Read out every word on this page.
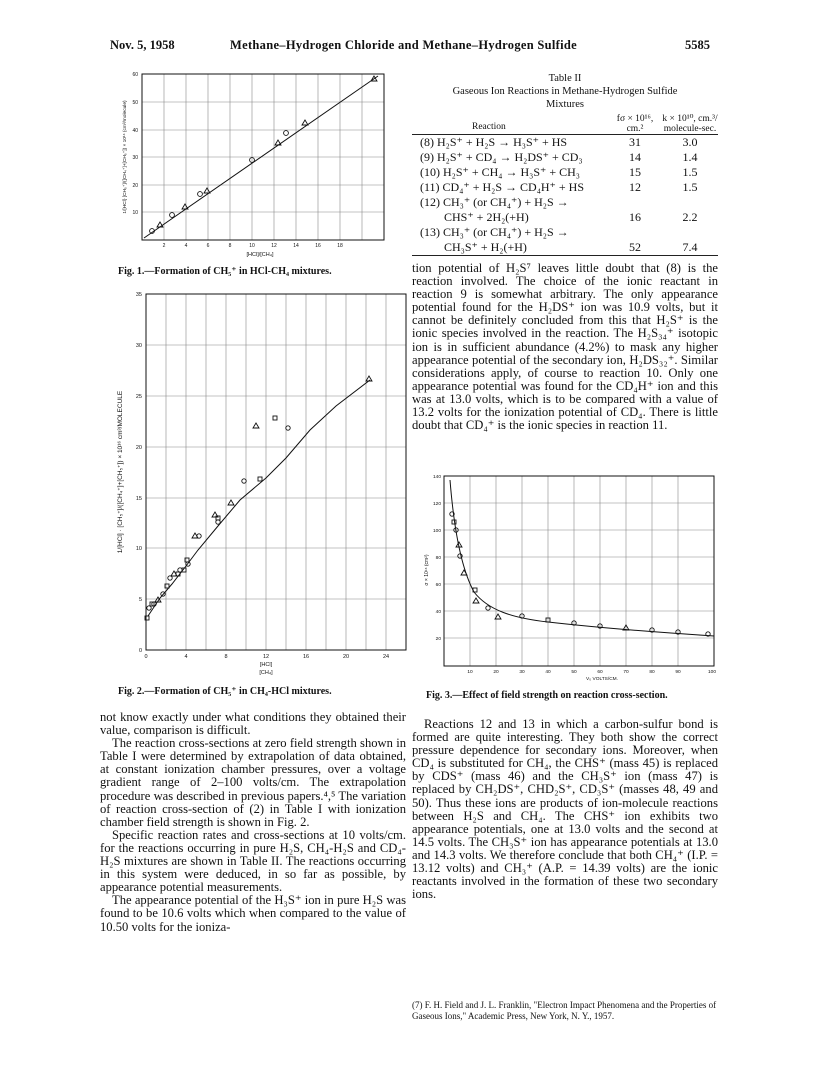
Nov. 5, 1958	Methane–Hydrogen Chloride and Methane–Hydrogen Sulfide	5585
60
50
40
30
20
10
2	4	6	8	10	12	14	16	18
[HCl]/[CH₄]
1/[HCl]·[CH₅⁺]/([CH₄⁺]+[CH₅⁺]) × 10¹⁶ (cm³/molecule)
Fig. 1.—Formation of CH₅⁺ in HCl-CH₄ mixtures.
35
30
25
20
15
10
5
0
0	4	8	12	16	20	24
[HCl]
[CH₄]
1/[HCl] · [CH₅⁺]/([CH₄⁺]+[CH₅⁺]) × 10¹⁶ cm³/MOLECULE
Fig. 2.—Formation of CH₅⁺ in CH₄-HCl mixtures.
Table II
Gaseous Ion Reactions in Methane-Hydrogen Sulfide
Mixtures
Reaction
fσ × 10¹⁶, cm.²
k × 10¹⁰, cm.³/ molecule-sec.
(8) H₂S⁺ + H₂S → H₃S⁺ + HS	31	3.0
(9) H₂S⁺ + CD₄ → H₂DS⁺ + CD₃	14	1.4
(10) H₂S⁺ + CH₄ → H₃S⁺ + CH₃	15	1.5
(11) CD₄⁺ + H₂S → CD₄H⁺ + HS	12	1.5
(12) CH₃⁺ (or CH₄⁺) + H₂S →
CHS⁺ + 2H₂(+H)	16	2.2
(13) CH₃⁺ (or CH₄⁺) + H₂S →
CH₃S⁺ + H₂(+H)	52	7.4

tion potential of H₂S⁷ leaves little doubt that (8) is the reaction involved. The choice of the ionic reactant in reaction 9 is somewhat arbitrary. The only appearance potential found for the H₂DS⁺ ion was 10.9 volts, but it cannot be definitely concluded from this that H₂S⁺ is the ionic species involved in the reaction. The H₂S₃₄⁺ isotopic ion is in sufficient abundance (4.2%) to mask any higher appearance potential of the secondary ion, H₂DS₃₂⁺. Similar considerations apply, of course to reaction 10. Only one appearance potential was found for the CD₄H⁺ ion and this was at 13.0 volts, which is to be compared with a value of 13.2 volts for the ionization potential of CD₄. There is little doubt that CD₄⁺ is the ionic species in reaction 11.

140
120
100
80
60
40
20
10	20	30	40	50	60	70	80	90	100
V₀ VOLTS/CM.
σ × 10¹⁶ (cm²)
Fig. 3.—Effect of field strength on reaction cross-section.

not know exactly under what conditions they obtained their value, comparison is difficult.

The reaction cross-sections at zero field strength shown in Table I were determined by extrapolation of data obtained, at constant ionization chamber pressures, over a voltage gradient range of 2–100 volts/cm. The extrapolation procedure was described in previous papers.⁴,⁵ The variation of reaction cross-section of (2) in Table I with ionization chamber field strength is shown in Fig. 2.

Specific reaction rates and cross-sections at 10 volts/cm. for the reactions occurring in pure H₂S, CH₄-H₂S and CD₄-H₂S mixtures are shown in Table II. The reactions occurring in this system were deduced, in so far as possible, by appearance potential measurements.

The appearance potential of the H₃S⁺ ion in pure H₂S was found to be 10.6 volts which when compared to the value of 10.50 volts for the ioniza-

Reactions 12 and 13 in which a carbon-sulfur bond is formed are quite interesting. They both show the correct pressure dependence for secondary ions. Moreover, when CD₄ is substituted for CH₄, the CHS⁺ (mass 45) is replaced by CDS⁺ (mass 46) and the CH₃S⁺ ion (mass 47) is replaced by CH₂DS⁺, CHD₂S⁺, CD₃S⁺ (masses 48, 49 and 50). Thus these ions are products of ion-molecule reactions between H₂S and CH₄. The CHS⁺ ion exhibits two appearance potentials, one at 13.0 volts and the second at 14.5 volts. The CH₃S⁺ ion has appearance potentials at 13.0 and 14.3 volts. We therefore conclude that both CH₄⁺ (I.P. = 13.12 volts) and CH₃⁺ (A.P. = 14.39 volts) are the ionic reactants involved in the formation of these two secondary ions.

(7) F. H. Field and J. L. Franklin, "Electron Impact Phenomena and the Properties of Gaseous Ions," Academic Press, New York, N. Y., 1957.
